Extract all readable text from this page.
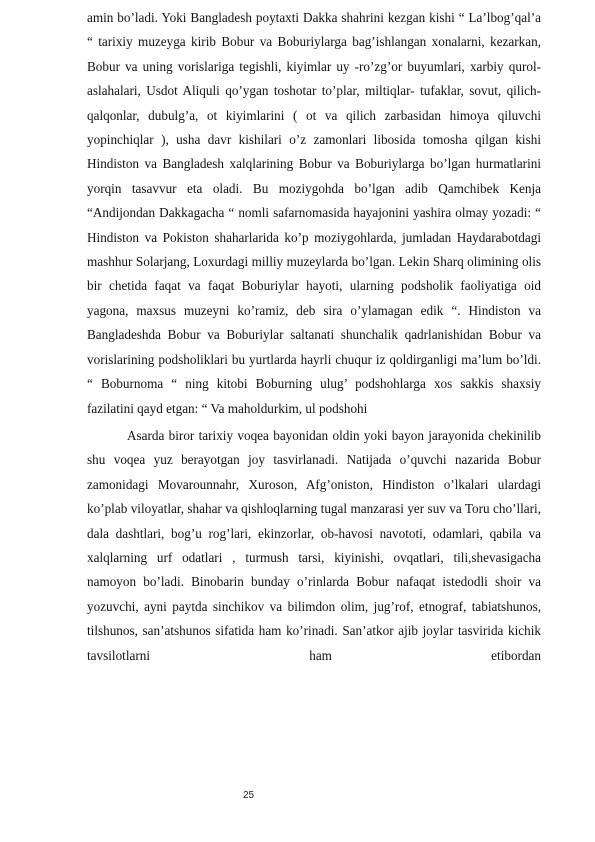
amin bo’ladi. Yoki Bangladesh poytaxti Dakka shahrini kezgan kishi “ La’lbog’qal’a “ tarixiy muzeyga kirib Bobur va Boburiylarga bag’ishlangan xonalarni, kezarkan, Bobur va uning vorislariga tegishli, kiyimlar uy -ro’zg’or buyumlari, xarbiy qurol- aslahalari, Usdot Aliquli qo’ygan toshotar to’plar, miltiqlar- tufaklar, sovut, qilich-qalqonlar, dubulg’a, ot kiyimlarini ( ot va qilich zarbasidan himoya qiluvchi yopinchiqlar ), usha davr kishilari o’z zamonlari libosida tomosha qilgan kishi Hindiston va Bangladesh xalqlarining Bobur va Boburiylarga bo’lgan hurmatlarini yorqin tasavvur eta oladi. Bu moziygohda bo’lgan adib Qamchibek Kenja “Andijondan Dakkagacha “ nomli safarnomasida hayajonini yashira olmay yozadi: “ Hindiston va Pokiston shaharlarida ko’p moziygohlarda, jumladan Haydarabotdagi mashhur Solarjang, Loxurdagi milliy muzeylarda bo’lgan. Lekin Sharq olimining olis bir chetida faqat va faqat Boburiylar hayoti, ularning podsholik faoliyatiga oid yagona, maxsus muzeyni ko’ramiz, deb sira o’ylamagan edik “. Hindiston va Bangladeshda Bobur va Boburiylar saltanati shunchalik qadrlanishidan Bobur va vorislarining podsholiklari bu yurtlarda hayrli chuqur iz qoldirganligi ma’lum bo’ldi. “ Boburnoma “ ning kitobi Boburning ulug’ podshohlarga xos sakkis shaxsiy fazilatini qayd etgan: “ Va maholdurkim, ul podshohi

Asarda biror tarixiy voqea bayonidan oldin yoki bayon jarayonida chekinilib shu voqea yuz berayotgan joy tasvirlanadi. Natijada o’quvchi nazarida Bobur zamonidagi Movarounnahr, Xuroson, Afg’oniston, Hindiston o’lkalari ulardagi ko’plab viloyatlar, shahar va qishloqlarning tugal manzarasi yer suv va Toru cho’llari, dala dashtlari, bog’u rog’lari, ekinzorlar, ob-havosi navototi, odamlari, qabila va xalqlarning urf odatlari , turmush tarsi, kiyinishi, ovqatlari, tili,shevasigacha namoyon bo’ladi. Binobarin bunday o’rinlarda Bobur nafaqat istedodli shoir va yozuvchi, ayni paytda sinchikov va bilimdon olim, jug’rof, etnograf, tabiatshunos, tilshunos, san’atshunos sifatida ham ko’rinadi. San’atkor ajib joylar tasvirida kichik tavsilotlarni ham etibordan

25
